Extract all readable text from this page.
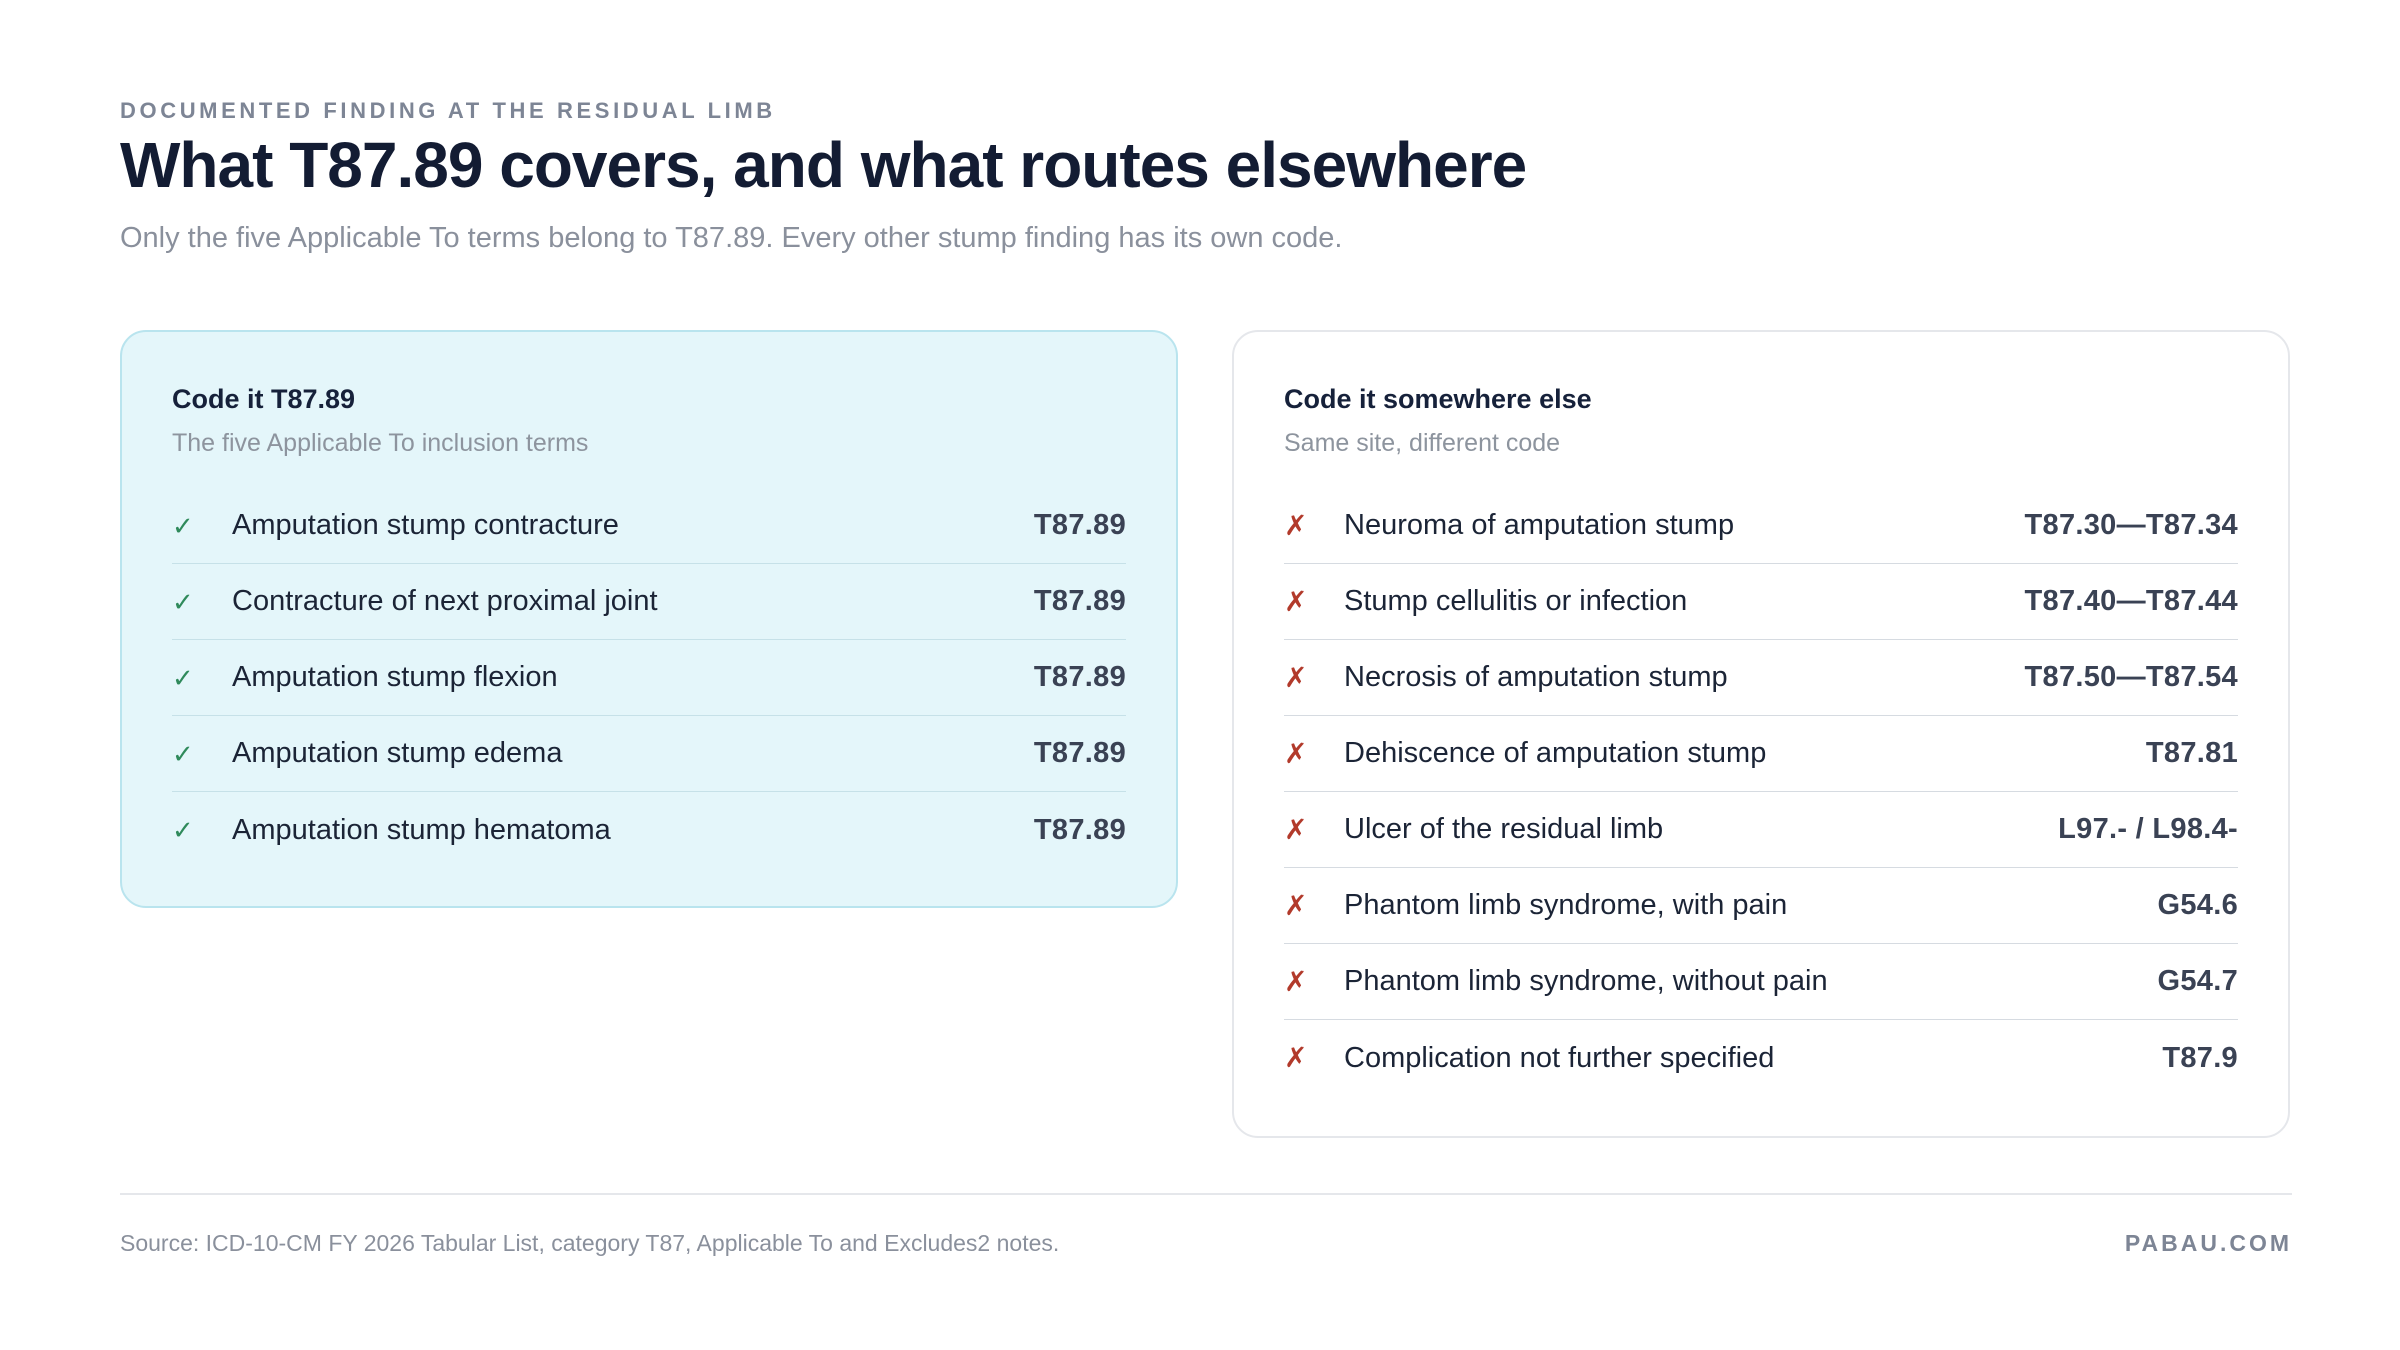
DOCUMENTED FINDING AT THE RESIDUAL LIMB
What T87.89 covers, and what routes elsewhere
Only the five Applicable To terms belong to T87.89. Every other stump finding has its own code.
Code it T87.89
The five Applicable To inclusion terms
✓	Amputation stump contracture	T87.89
✓	Contracture of next proximal joint	T87.89
✓	Amputation stump flexion	T87.89
✓	Amputation stump edema	T87.89
✓	Amputation stump hematoma	T87.89
Code it somewhere else
Same site, different code
✗	Neuroma of amputation stump	T87.30—T87.34
✗	Stump cellulitis or infection	T87.40—T87.44
✗	Necrosis of amputation stump	T87.50—T87.54
✗	Dehiscence of amputation stump	T87.81
✗	Ulcer of the residual limb	L97.- / L98.4-
✗	Phantom limb syndrome, with pain	G54.6
✗	Phantom limb syndrome, without pain	G54.7
✗	Complication not further specified	T87.9
Source: ICD-10-CM FY 2026 Tabular List, category T87, Applicable To and Excludes2 notes.	PABAU.COM
